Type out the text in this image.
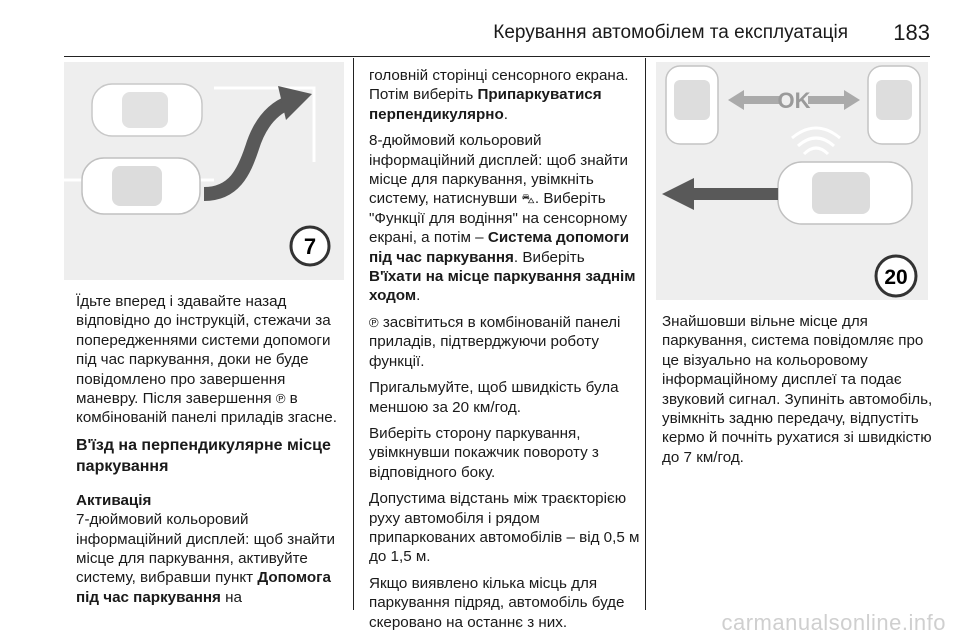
Керування автомобілем та експлуатація 183
7
OK
20

Їдьте вперед і здавайте назад відповідно до інструкцій, стежачи за попередженнями системи допомоги під час паркування, доки не буде повідомлено про завершення маневру. Після завершення ℗ в комбінованій панелі приладів згасне.

В'їзд на перпендикулярне місце паркування

Активація

7-дюймовий кольоровий інформаційний дисплей: щоб знайти місце для паркування, активуйте систему, вибравши пункт Допомога під час паркування на

головній сторінці сенсорного екрана. Потім виберіть Припаркуватися перпендикулярно.

8-дюймовий кольоровий інформаційний дисплей: щоб знайти місце для паркування, увімкніть систему, натиснувши ⛍. Виберіть "Функції для водіння" на сенсорному екрані, а потім – Система допомоги під час паркування. Виберіть В'їхати на місце паркування заднім ходом.

℗ засвітиться в комбінованій панелі приладів, підтверджуючи роботу функції.

Пригальмуйте, щоб швидкість була меншою за 20 км/год.

Виберіть сторону паркування, увімкнувши покажчик повороту з відповідного боку.

Допустима відстань між траєкторією руху автомобіля і рядом припаркованих автомобілів – від 0,5 м до 1,5 м.

Якщо виявлено кілька місць для паркування підряд, автомобіль буде скеровано на останнє з них.

Знайшовши вільне місце для паркування, система повідомляє про це візуально на кольоровому інформаційному дисплеї та подає звуковий сигнал. Зупиніть автомобіль, увімкніть задню передачу, відпустіть кермо й почніть рухатися зі швидкістю до 7 км/год.

carmanualsonline.info
